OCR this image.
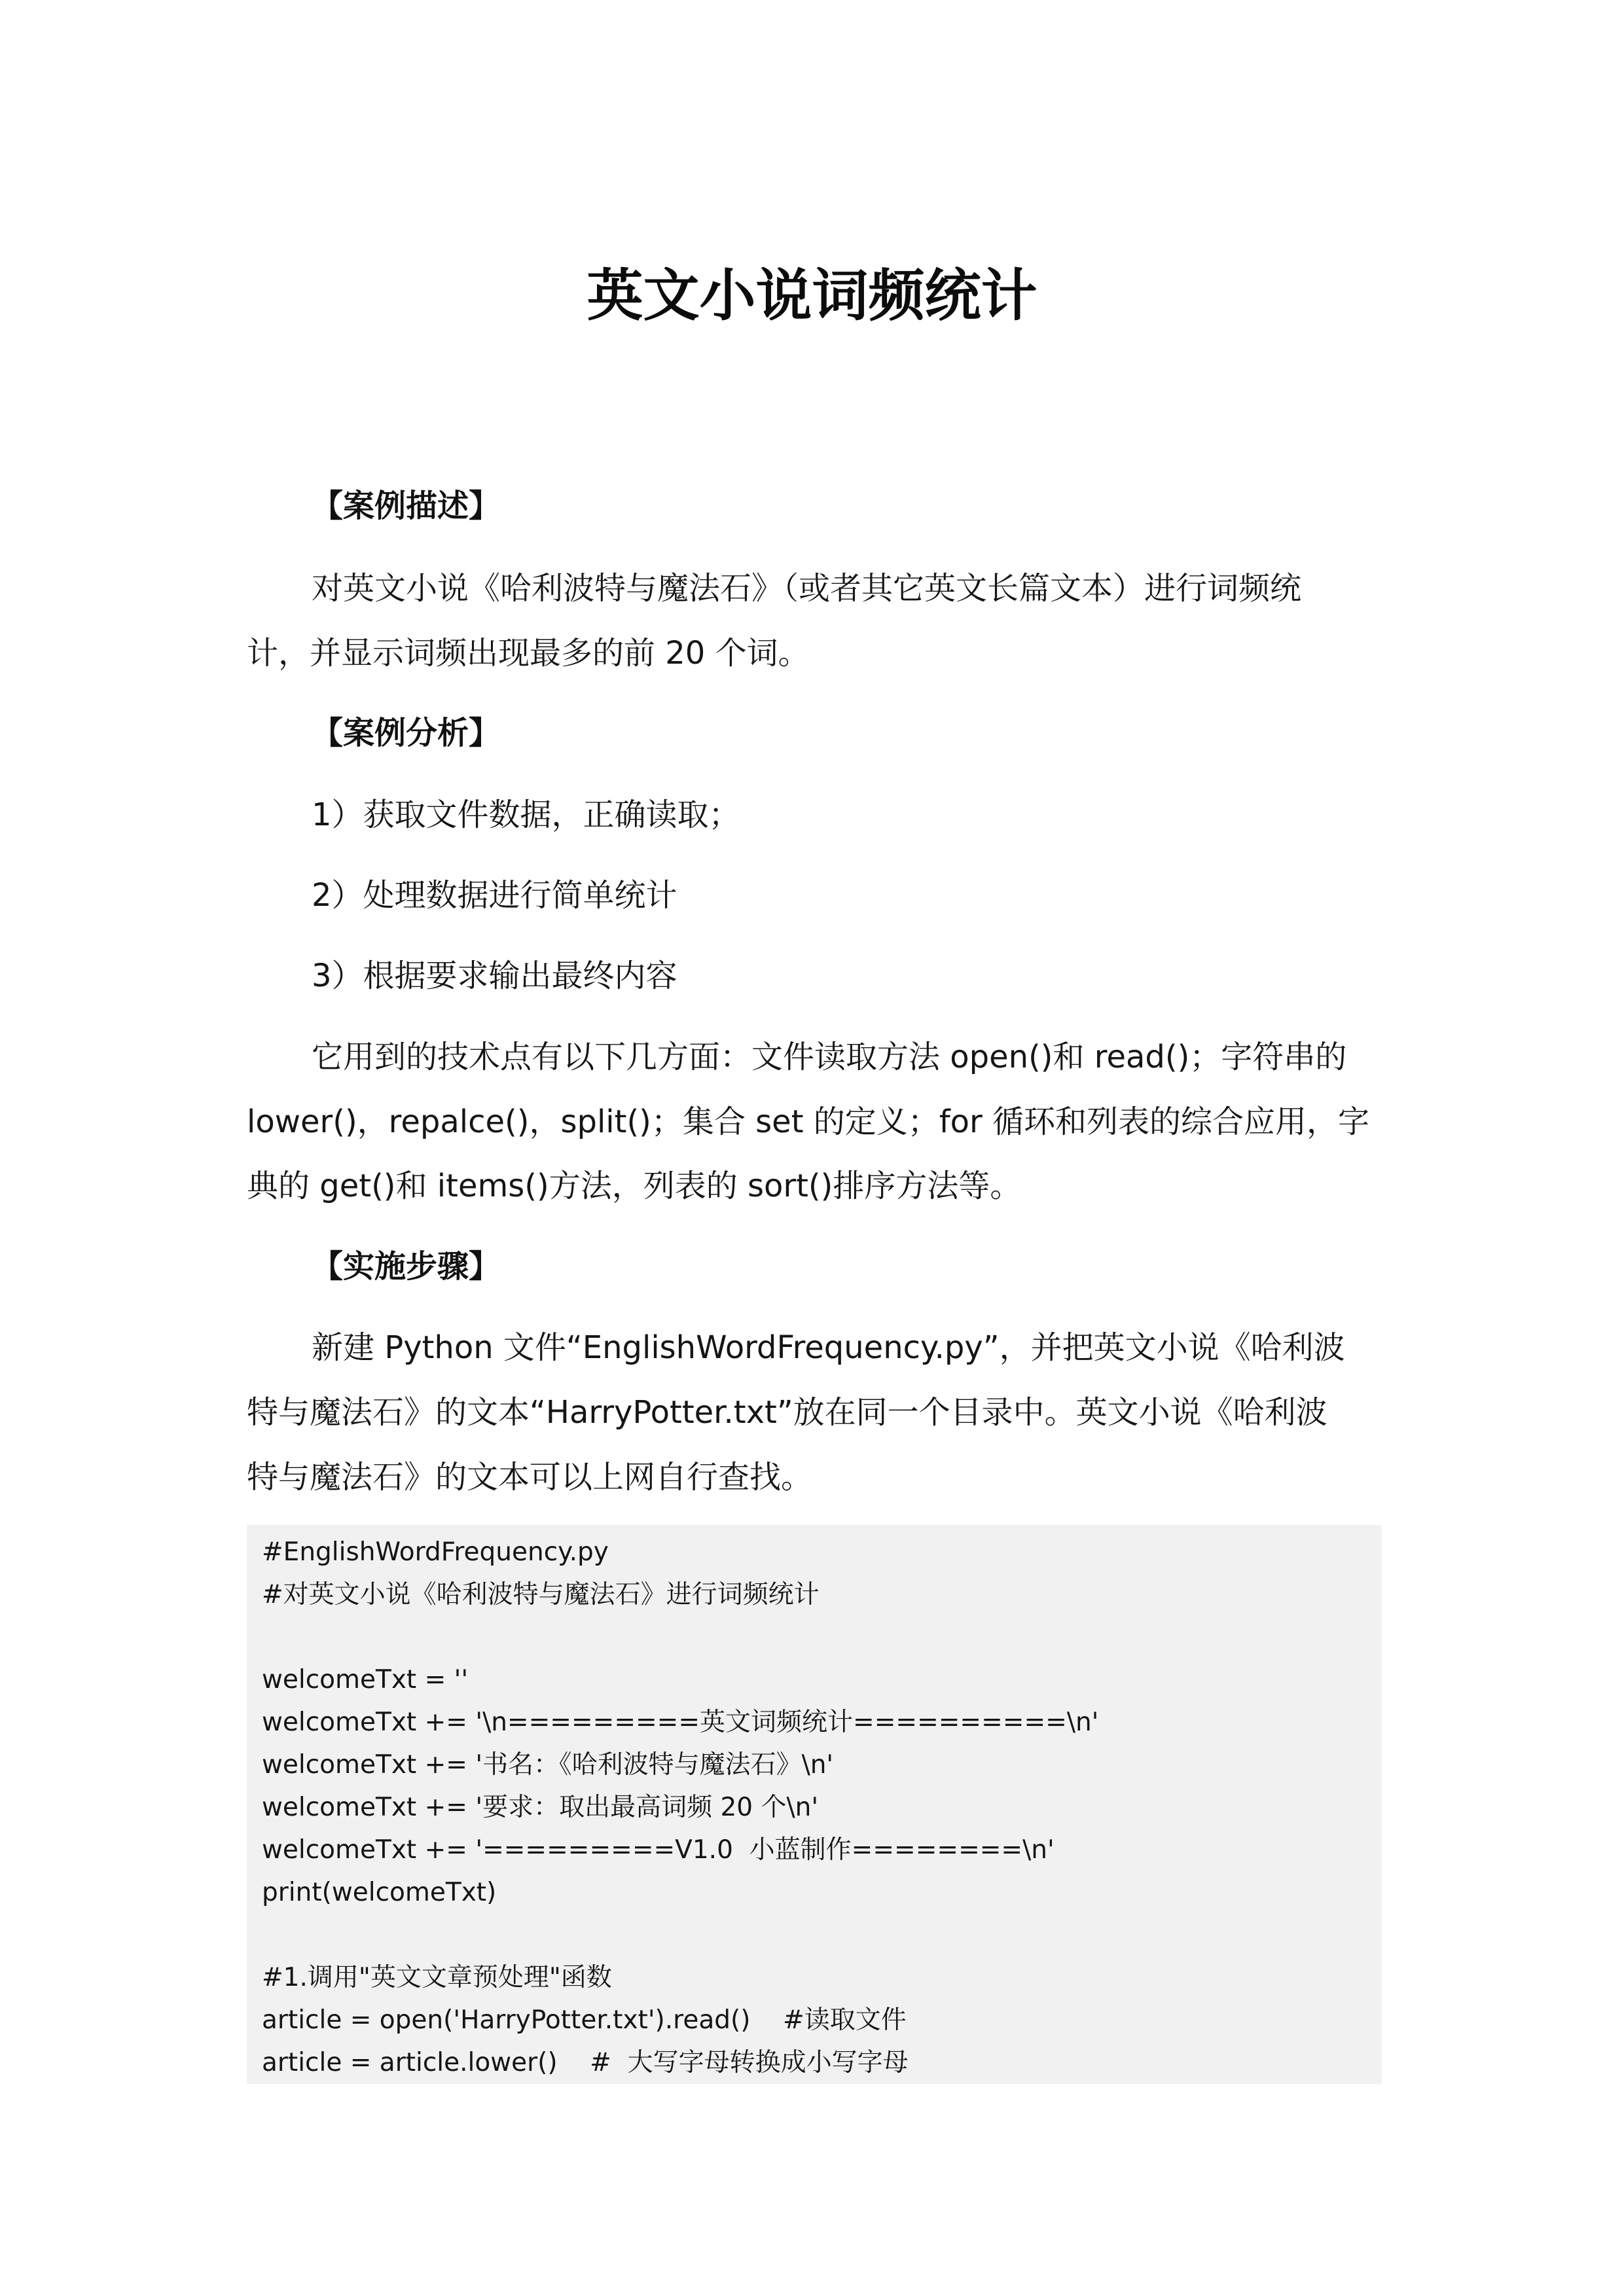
英文小说词频统计
【案例描述】
对英文小说《哈利波特与魔法石》（或者其它英文长篇文本）进行词频统
计，并显示词频出现最多的前 20 个词。
【案例分析】
1）获取文件数据，正确读取；
2）处理数据进行简单统计
3）根据要求输出最终内容
它用到的技术点有以下几方面：文件读取方法 open()和 read()；字符串的
lower()，repalce()，split()；集合 set 的定义；for 循环和列表的综合应用，字
典的 get()和 items()方法，列表的 sort()排序方法等。
【实施步骤】
新建 Python 文件“EnglishWordFrequency.py”，并把英文小说《哈利波
特与魔法石》的文本“HarryPotter.txt”放在同一个目录中。英文小说《哈利波
特与魔法石》的文本可以上网自行查找。
#EnglishWordFrequency.py
#对英文小说《哈利波特与魔法石》进行词频统计
welcomeTxt = ''
welcomeTxt += '\n=========英文词频统计==========\n'
welcomeTxt += '书名：《哈利波特与魔法石》\n'
welcomeTxt += '要求：取出最高词频 20 个\n'
welcomeTxt += '=========V1.0  小蓝制作========\n'
print(welcomeTxt)
#1.调用"英文文章预处理"函数
article = open('HarryPotter.txt').read()    #读取文件
article = article.lower()    #  大写字母转换成小写字母
